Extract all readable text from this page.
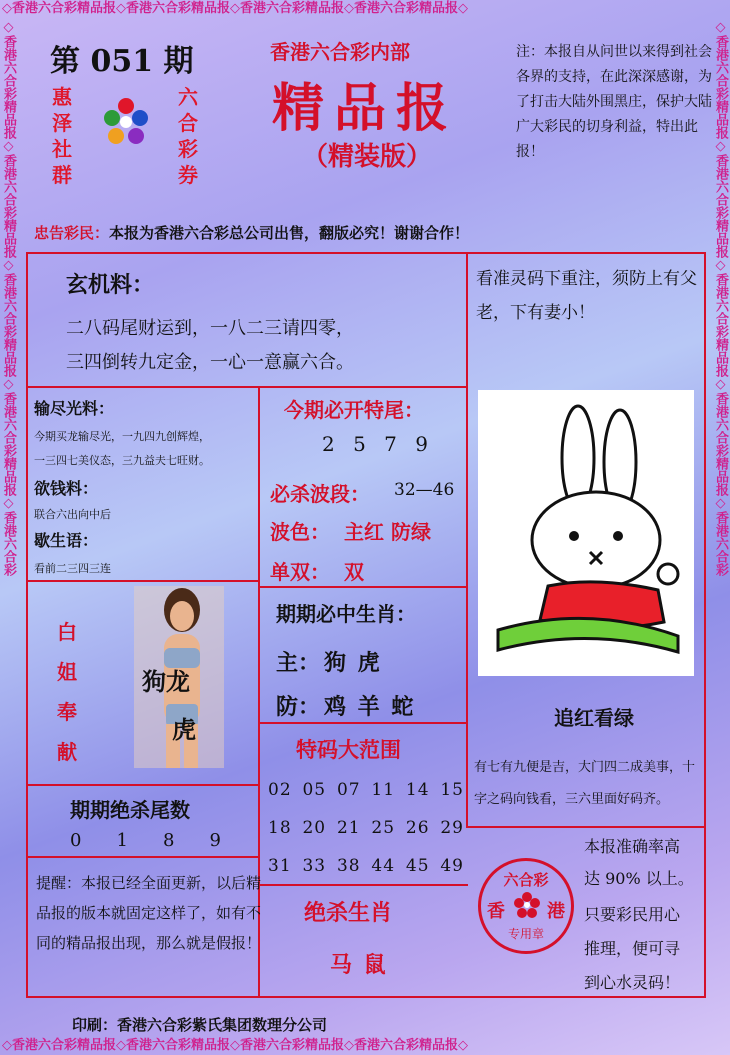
◇香港六合彩精品报◇香港六合彩精品报◇香港六合彩精品报◇香港六合彩精品报◇
◇香港六合彩精品报◇香港六合彩精品报◇香港六合彩精品报◇香港六合彩精品报◇
◇香港六合彩精品报◇香港六合彩精品报◇香港六合彩精品报◇香港六合彩精品报◇香港六合彩	◇香港六合彩精品报◇香港六合彩精品报◇香港六合彩精品报◇香港六合彩精品报◇香港六合彩
第 051 期
惠
泽
社
群
六
合
彩
券
香港六合彩内部
精品报
（精装版）
注：本报自从问世以来得到社会各界的支持，在此深深感谢，为了打击大陆外围黑庄，保护大陆广大彩民的切身利益，特出此报！
忠告彩民：本报为香港六合彩总公司出售，翻版必究！谢谢合作！
玄机料：
二八码尾财运到，一八二三请四零，
三四倒转九定金，一心一意赢六合。
看准灵码下重注，须防上有父老，下有妻小！
输尽光料：
今期买龙输尽光，一九四九创辉煌，
一三四七美仪态，三九益夫七旺财。
欲钱料：
联合六出向中后
歇生语：
看前二三四三连
今期必开特尾：
2 5 7 9
必杀波段： 32—46
波色： 主红 防绿
单双： 双
白
姐
奉
献
狗龙
虎
期期必中生肖：
主： 狗 虎
防： 鸡 羊 蛇
特码大范围
02 05 07 11 14 15
18 20 21 25 26 29
31 33 38 44 45 49
期期绝杀尾数
0 1 8 9
提醒：本报已经全面更新，以后精品报的版本就固定这样了，如有不同的精品报出现，那么就是假报！
绝杀生肖
马 鼠
追红看绿
有七有九便是吉，大门四二成美事，十字之码向钱看，三六里面好码齐。
本报准确率高
达 90% 以上。
只要彩民用心
推理，便可寻
到心水灵码！
六合彩
香 港
专用章
印刷：香港六合彩紫氏集团数理分公司
